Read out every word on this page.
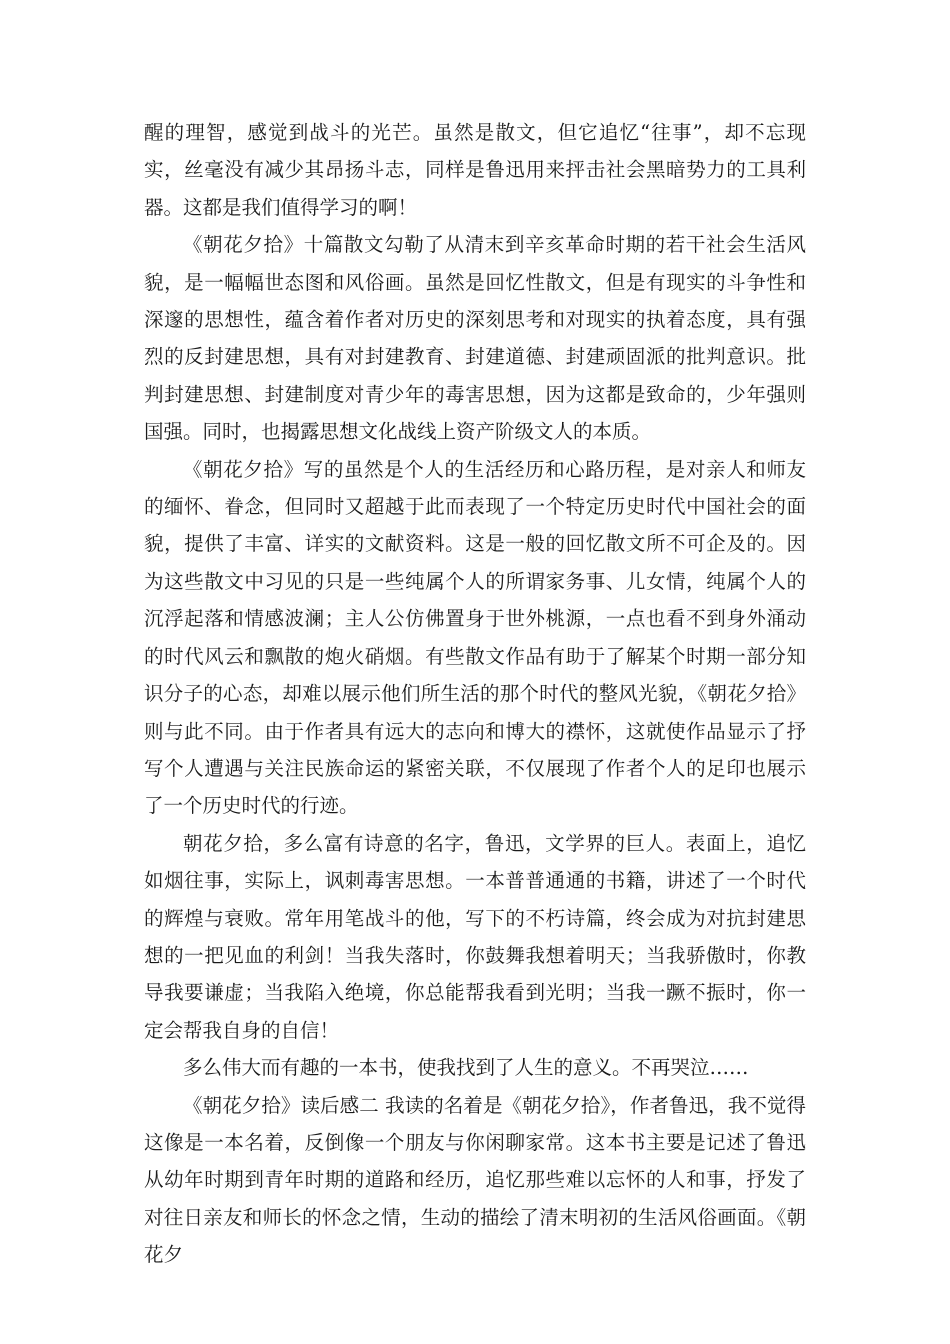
醒的理智，感觉到战斗的光芒。虽然是散文，但它追忆“往事”，却不忘现实，丝毫没有减少其昂扬斗志，同样是鲁迅用来抨击社会黑暗势力的工具利器。这都是我们值得学习的啊！

《朝花夕拾》十篇散文勾勒了从清末到辛亥革命时期的若干社会生活风貌，是一幅幅世态图和风俗画。虽然是回忆性散文，但是有现实的斗争性和深邃的思想性，蕴含着作者对历史的深刻思考和对现实的执着态度，具有强烈的反封建思想，具有对封建教育、封建道德、封建顽固派的批判意识。批判封建思想、封建制度对青少年的毒害思想，因为这都是致命的，少年强则国强。同时，也揭露思想文化战线上资产阶级文人的本质。

《朝花夕拾》写的虽然是个人的生活经历和心路历程，是对亲人和师友的缅怀、眷念，但同时又超越于此而表现了一个特定历史时代中国社会的面貌，提供了丰富、详实的文献资料。这是一般的回忆散文所不可企及的。因为这些散文中习见的只是一些纯属个人的所谓家务事、儿女情，纯属个人的沉浮起落和情感波澜；主人公仿佛置身于世外桃源，一点也看不到身外涌动的时代风云和飘散的炮火硝烟。有些散文作品有助于了解某个时期一部分知识分子的心态，却难以展示他们所生活的那个时代的整风光貌，《朝花夕拾》则与此不同。由于作者具有远大的志向和博大的襟怀，这就使作品显示了抒写个人遭遇与关注民族命运的紧密关联，不仅展现了作者个人的足印也展示了一个历史时代的行迹。

朝花夕拾，多么富有诗意的名字，鲁迅，文学界的巨人。表面上，追忆如烟往事，实际上，讽刺毒害思想。一本普普通通的书籍，讲述了一个时代的辉煌与衰败。常年用笔战斗的他，写下的不朽诗篇，终会成为对抗封建思想的一把见血的利剑！当我失落时，你鼓舞我想着明天；当我骄傲时，你教导我要谦虚；当我陷入绝境，你总能帮我看到光明；当我一蹶不振时，你一定会帮我自身的自信！

多么伟大而有趣的一本书，使我找到了人生的意义。不再哭泣……

《朝花夕拾》读后感二 我读的名着是《朝花夕拾》，作者鲁迅，我不觉得这像是一本名着，反倒像一个朋友与你闲聊家常。这本书主要是记述了鲁迅从幼年时期到青年时期的道路和经历，追忆那些难以忘怀的人和事，抒发了对往日亲友和师长的怀念之情，生动的描绘了清末明初的生活风俗画面。《朝花夕
